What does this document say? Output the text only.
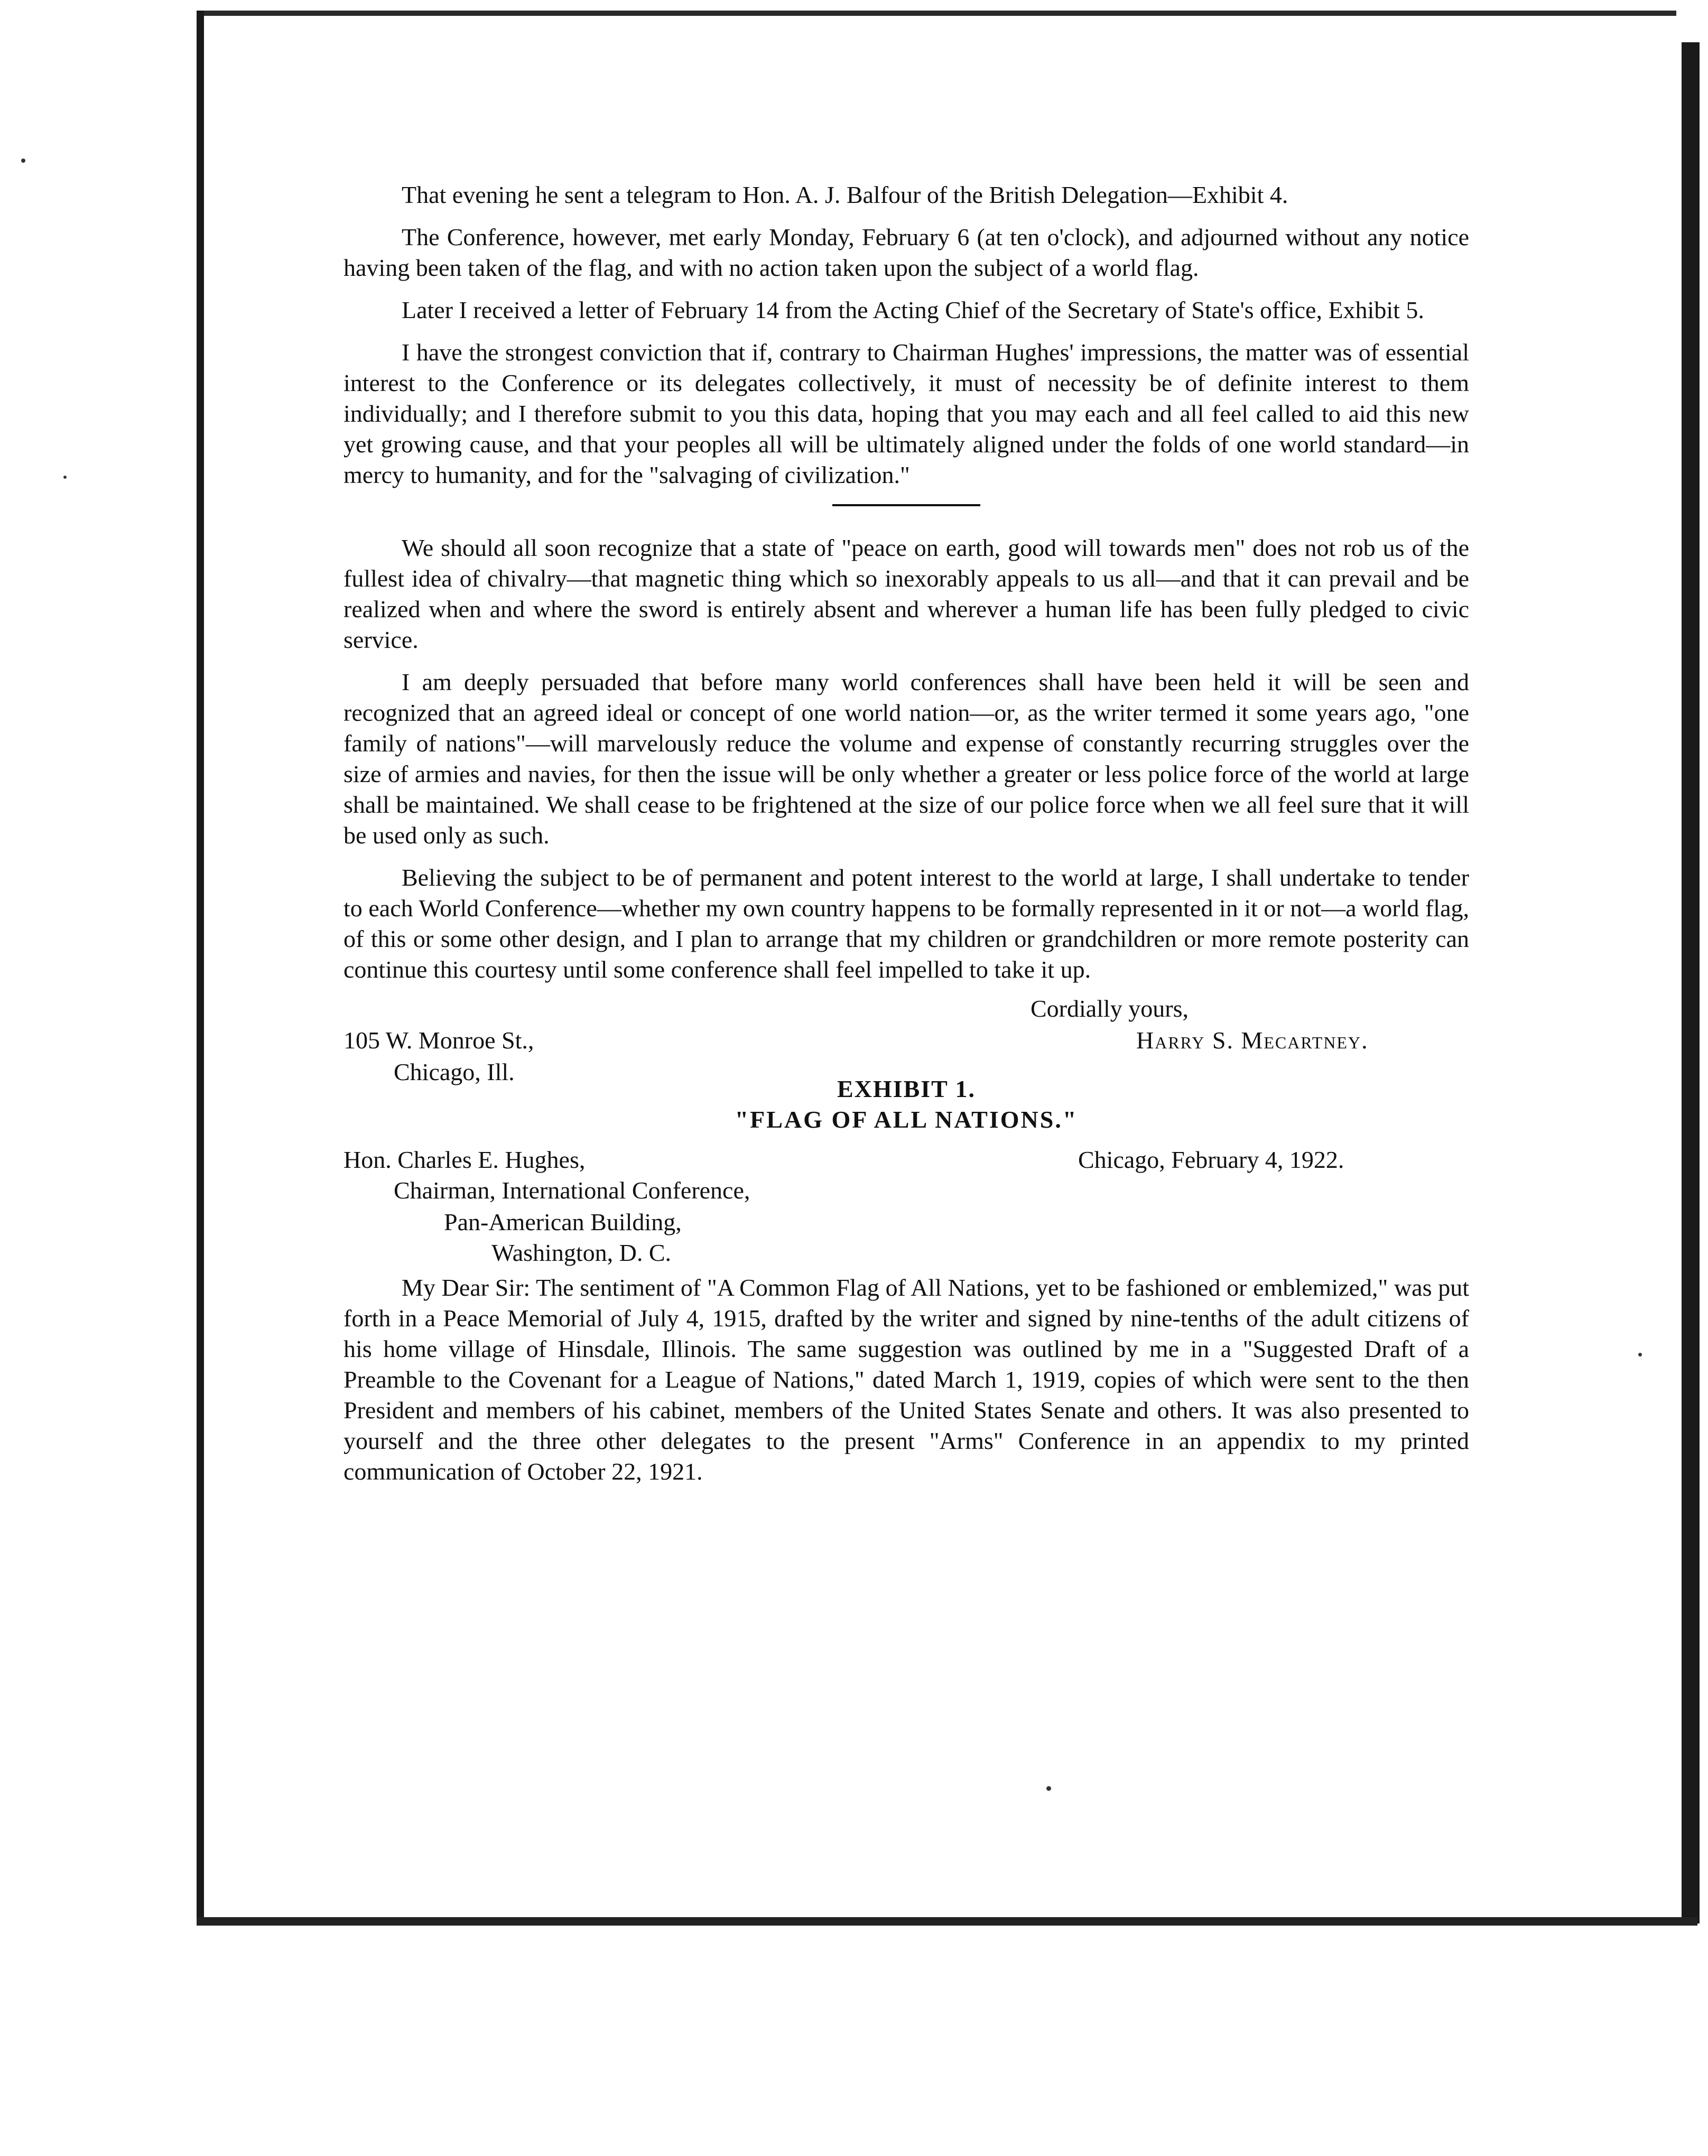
That evening he sent a telegram to Hon. A. J. Balfour of the British Delegation—Exhibit 4.

The Conference, however, met early Monday, February 6 (at ten o'clock), and adjourned without any notice having been taken of the flag, and with no action taken upon the subject of a world flag.

Later I received a letter of February 14 from the Acting Chief of the Secretary of State's office, Exhibit 5.

I have the strongest conviction that if, contrary to Chairman Hughes' impressions, the matter was of essential interest to the Conference or its delegates collectively, it must of necessity be of definite interest to them individually; and I therefore submit to you this data, hoping that you may each and all feel called to aid this new yet growing cause, and that your peoples all will be ultimately aligned under the folds of one world standard—in mercy to humanity, and for the "salvaging of civilization."

We should all soon recognize that a state of "peace on earth, good will towards men" does not rob us of the fullest idea of chivalry—that magnetic thing which so inexorably appeals to us all—and that it can prevail and be realized when and where the sword is entirely absent and wherever a human life has been fully pledged to civic service.

I am deeply persuaded that before many world conferences shall have been held it will be seen and recognized that an agreed ideal or concept of one world nation—or, as the writer termed it some years ago, "one family of nations"—will marvelously reduce the volume and expense of constantly recurring struggles over the size of armies and navies, for then the issue will be only whether a greater or less police force of the world at large shall be maintained. We shall cease to be frightened at the size of our police force when we all feel sure that it will be used only as such.

Believing the subject to be of permanent and potent interest to the world at large, I shall undertake to tender to each World Conference—whether my own country happens to be formally represented in it or not—a world flag, of this or some other design, and I plan to arrange that my children or grandchildren or more remote posterity can continue this courtesy until some conference shall feel impelled to take it up.

Cordially yours,
105 W. Monroe St.,	Harry S. Mecartney.
Chicago, Ill.
EXHIBIT 1.
"FLAG OF ALL NATIONS."
Hon. Charles E. Hughes,	Chicago, February 4, 1922.
Chairman, International Conference,
Pan-American Building,
Washington, D. C.

My Dear Sir: The sentiment of "A Common Flag of All Nations, yet to be fashioned or emblemized," was put forth in a Peace Memorial of July 4, 1915, drafted by the writer and signed by nine-tenths of the adult citizens of his home village of Hinsdale, Illinois. The same suggestion was outlined by me in a "Suggested Draft of a Preamble to the Covenant for a League of Nations," dated March 1, 1919, copies of which were sent to the then President and members of his cabinet, members of the United States Senate and others. It was also presented to yourself and the three other delegates to the present "Arms" Conference in an appendix to my printed communication of October 22, 1921.
